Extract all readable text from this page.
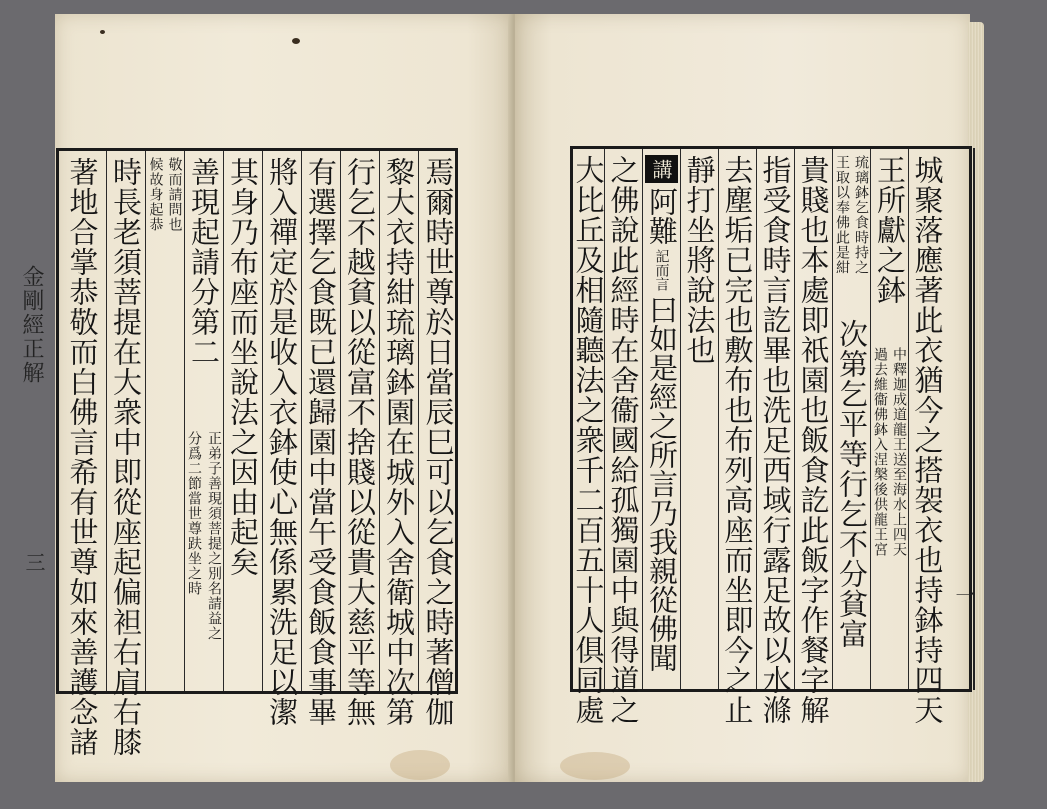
焉爾時世尊於日當辰巳可以乞食之時著僧伽
黎大衣持紺琉璃鉢園在城外入舍衛城中次第
行乞不越貧以從富不捨賤以從貴大慈平等無
有選擇乞食既已還歸園中當午受食飯食事畢
將入禪定於是收入衣鉢使心無係累洗足以潔
其身乃布座而坐說法之因由起矣
善現起請分第二
分爲二節當世尊趺坐之時 正弟子善現須菩提之別名請益之
候故身起恭 敬而請問也
時長老須菩提在大衆中即從座起偏袒右肩右膝
著地合掌恭敬而白佛言希有世尊如來善護念諸
金剛經正解
三	城聚落應著此衣猶今之搭袈衣也持鉢持四天
王所獻之鉢
過去維衞佛鉢入涅槃後供龍王宮 中釋迦成道龍王送至海水上四天
王取以奉佛此是紺 琉璃鉢乞食時持之
次第乞平等行乞不分貧富
貴賤也本處即祇園也飯食訖此飯字作餐字解
指受食時言訖畢也洗足西域行露足故以水滌
去塵垢已完也敷布也布列高座而坐即今之止
靜打坐將說法也
講 阿難 記而言 曰如是經之所言乃我親從佛聞
之佛說此經時在舍衞國給孤獨園中與得道之
大比丘及相隨聽法之衆千二百五十人俱同處	一
